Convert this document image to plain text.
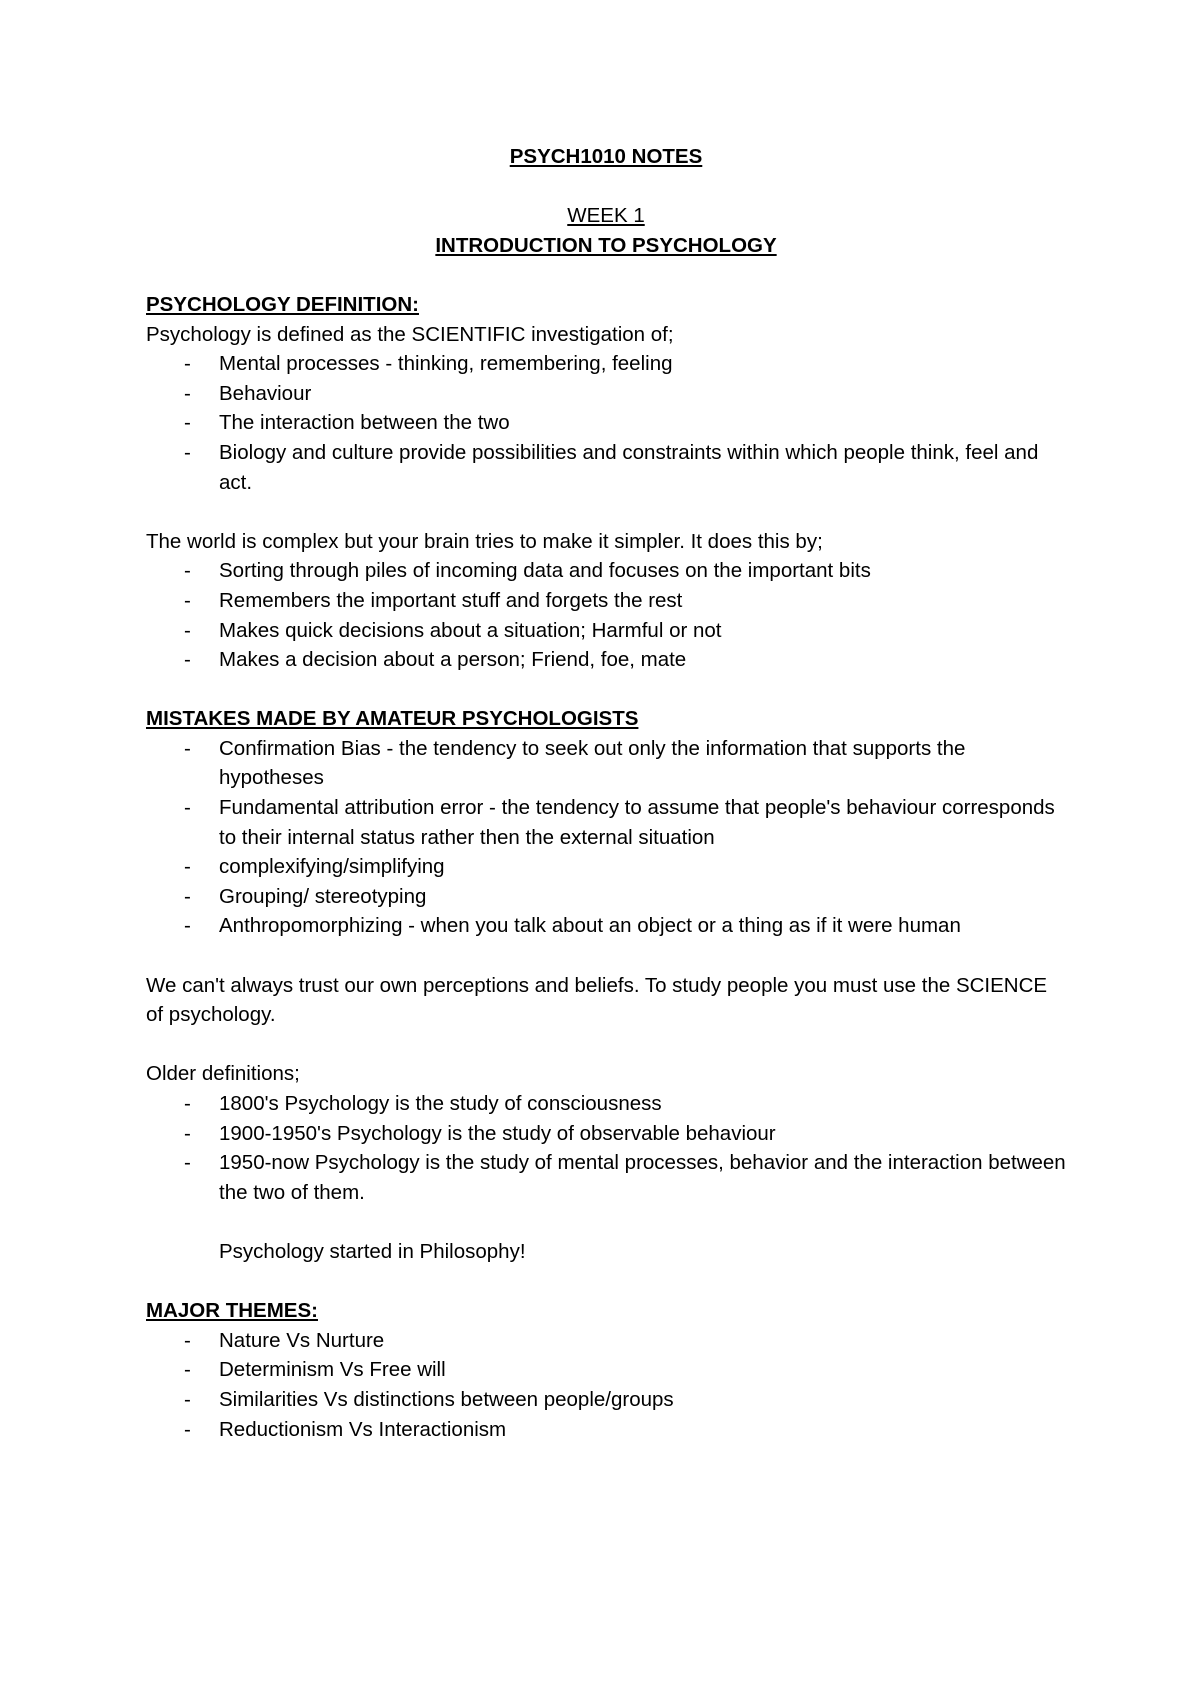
PSYCH1010 NOTES
WEEK 1
INTRODUCTION TO PSYCHOLOGY
PSYCHOLOGY DEFINITION:
Psychology is defined as the SCIENTIFIC investigation of;
- Mental processes - thinking, remembering, feeling
- Behaviour
- The interaction between the two
- Biology and culture provide possibilities and constraints within which people think, feel and act.
The world is complex but your brain tries to make it simpler. It does this by;
- Sorting through piles of incoming data and focuses on the important bits
- Remembers the important stuff and forgets the rest
- Makes quick decisions about a situation; Harmful or not
- Makes a decision about a person; Friend, foe, mate
MISTAKES MADE BY AMATEUR PSYCHOLOGISTS
- Confirmation Bias - the tendency to seek out only the information that supports the hypotheses
- Fundamental attribution error - the tendency to assume that people's behaviour corresponds to their internal status rather then the external situation
- complexifying/simplifying
- Grouping/ stereotyping
- Anthropomorphizing - when you talk about an object or a thing as if it were human
We can't always trust our own perceptions and beliefs. To study people you must use the SCIENCE of psychology.
Older definitions;
- 1800's Psychology is the study of consciousness
- 1900-1950's Psychology is the study of observable behaviour
- 1950-now Psychology is the study of mental processes, behavior and the interaction between the two of them.
Psychology started in Philosophy!
MAJOR THEMES:
- Nature Vs Nurture
- Determinism Vs Free will
- Similarities Vs distinctions between people/groups
- Reductionism Vs Interactionism
